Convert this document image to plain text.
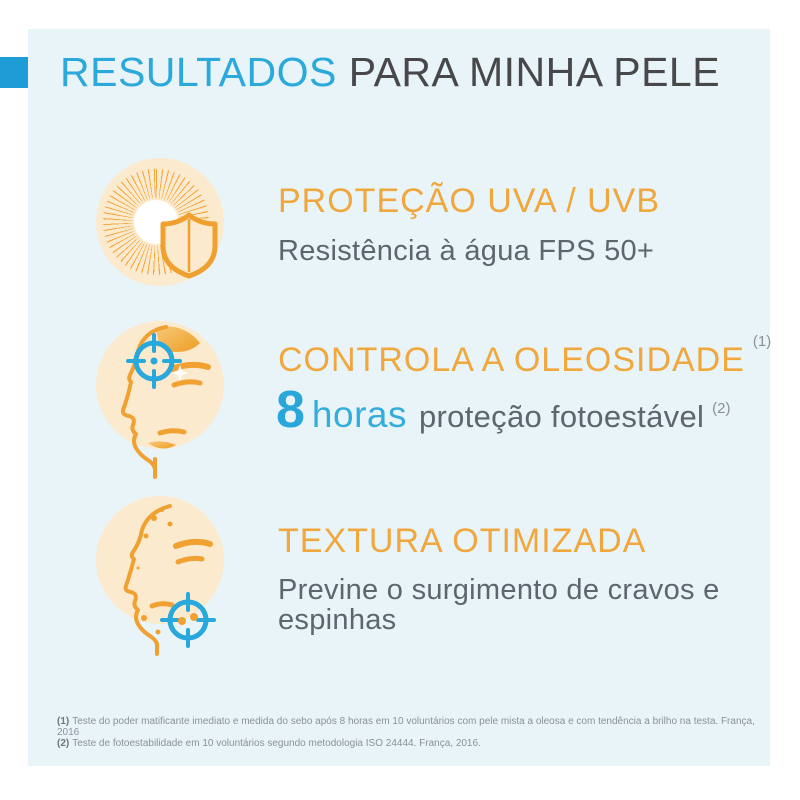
RESULTADOS PARA MINHA PELE
PROTEÇÃO UVA / UVB
Resistência à água FPS 50+
CONTROLA A OLEOSIDADE $^{(1)}$
8 horas proteção fotoestável $^{(2)}$
TEXTURA OTIMIZADA
Previne o surgimento de cravos e espinhas
(1) Teste do poder matificante imediato e medida do sebo após 8 horas em 10 voluntários com pele mista a oleosa e com tendência a brilho na testa. França, 2016
(2) Teste de fotoestabilidade em 10 voluntários segundo metodologia ISO 24444. França, 2016.
